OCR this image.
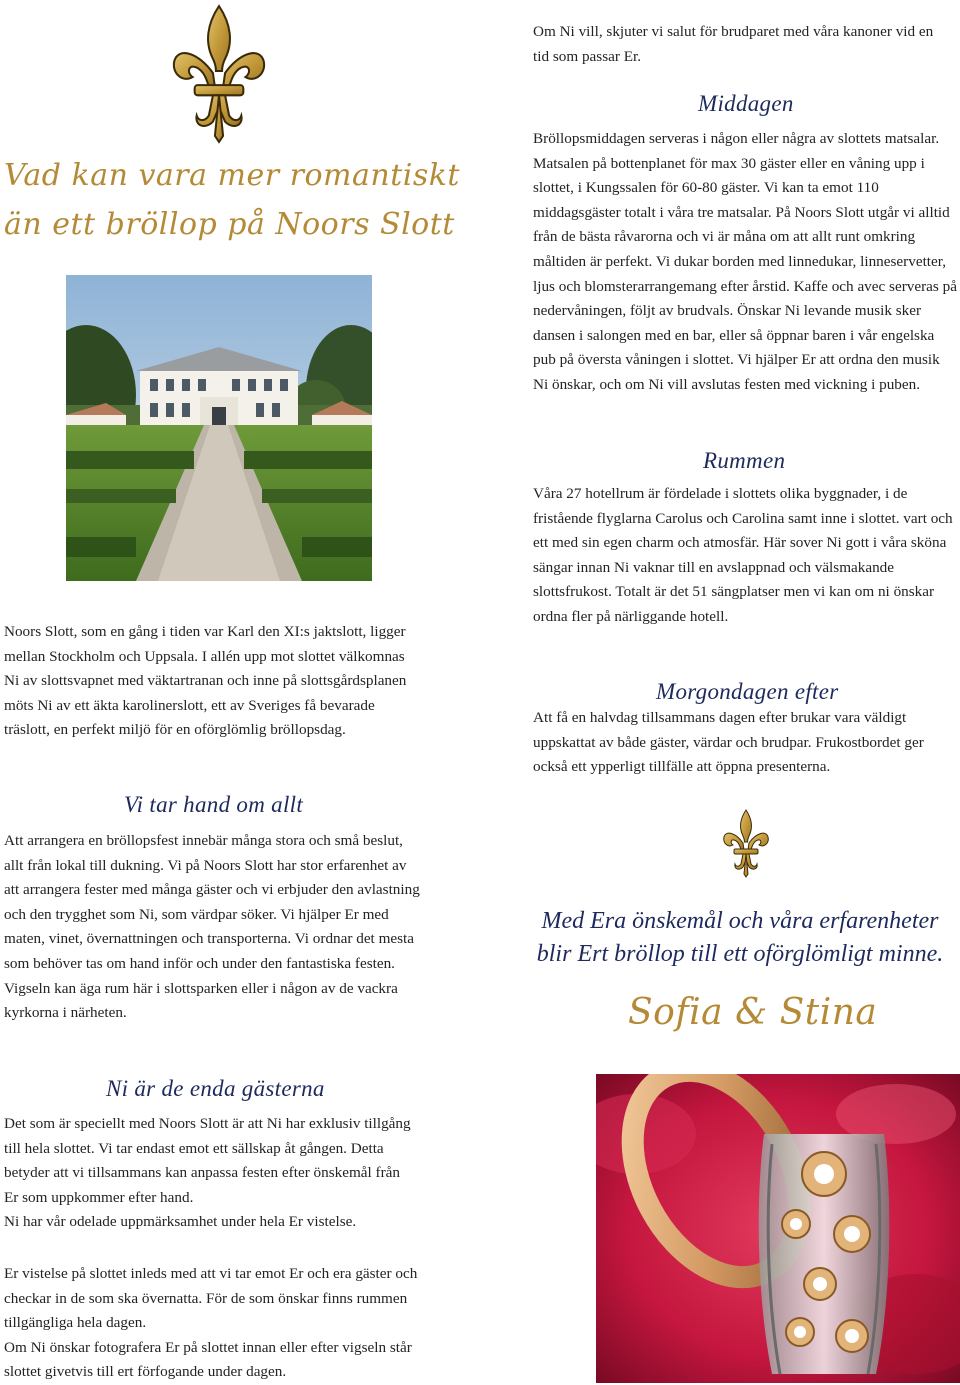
Vad kan vara mer romantiskt
än ett bröllop på Noors Slott

Noors Slott, som en gång i tiden var Karl den XI:s jaktslott, ligger mellan Stockholm och Uppsala. I allén upp mot slottet välkomnas Ni av slottsvapnet med väktartranan och inne på slottsgårdsplanen möts Ni av ett äkta karolinerslott, ett av Sveriges få bevarade träslott, en perfekt miljö för en oförglömlig bröllopsdag.

Vi tar hand om allt

Att arrangera en bröllopsfest innebär många stora och små beslut, allt från lokal till dukning. Vi på Noors Slott har stor erfarenhet av att arrangera fester med många gäster och vi erbjuder den avlastning och den trygghet som Ni, som värdpar söker. Vi hjälper Er med maten, vinet, övernattningen och transporterna. Vi ordnar det mesta som behöver tas om hand inför och under den fantastiska festen. Vigseln kan äga rum här i slottsparken eller i någon av de vackra kyrkorna i närheten.

Ni är de enda gästerna

Det som är speciellt med Noors Slott är att Ni har exklusiv tillgång till hela slottet. Vi tar endast emot ett sällskap åt gången. Detta betyder att vi tillsammans kan anpassa festen efter önskemål från Er som uppkommer efter hand.

Ni har vår odelade uppmärksamhet under hela Er vistelse.

Er vistelse på slottet inleds med att vi tar emot Er och era gäster och checkar in de som ska övernatta. För de som önskar finns rummen tillgängliga hela dagen.

Om Ni önskar fotografera Er på slottet innan eller efter vigseln står slottet givetvis till ert förfogande under dagen.

Om Ni vill, skjuter vi salut för brudparet med våra kanoner vid en tid som passar Er.

Middagen

Bröllopsmiddagen serveras i någon eller några av slottets matsalar. Matsalen på bottenplanet för max 30 gäster eller en våning upp i slottet, i Kungssalen för 60-80 gäster. Vi kan ta emot 110 middagsgäster totalt i våra tre matsalar. På Noors Slott utgår vi alltid från de bästa råvarorna och vi är måna om att allt runt omkring måltiden är perfekt. Vi dukar borden med linnedukar, linneservetter, ljus och blomsterarrangemang efter årstid. Kaffe och avec serveras på nedervåningen, följt av brudvals. Önskar Ni levande musik sker dansen i salongen med en bar, eller så öppnar baren i vår engelska pub på översta våningen i slottet. Vi hjälper Er att ordna den musik Ni önskar, och om Ni vill avslutas festen med vickning i puben.

Rummen

Våra 27 hotellrum är fördelade i slottets olika byggnader, i de fristående flyglarna Carolus och Carolina samt inne i slottet. vart och ett med sin egen charm och atmosfär. Här sover Ni gott i våra sköna sängar innan Ni vaknar till en avslappnad och välsmakande slottsfrukost. Totalt är det 51 sängplatser men vi kan om ni önskar ordna fler på närliggande hotell.

Morgondagen efter

Att få en halvdag tillsammans dagen efter brukar vara väldigt uppskattat av både gäster, värdar och brudpar. Frukostbordet ger också ett ypperligt tillfälle att öppna presenterna.

Med Era önskemål och våra erfarenheter
blir Ert bröllop till ett oförglömligt minne.
Sofia & Stina
